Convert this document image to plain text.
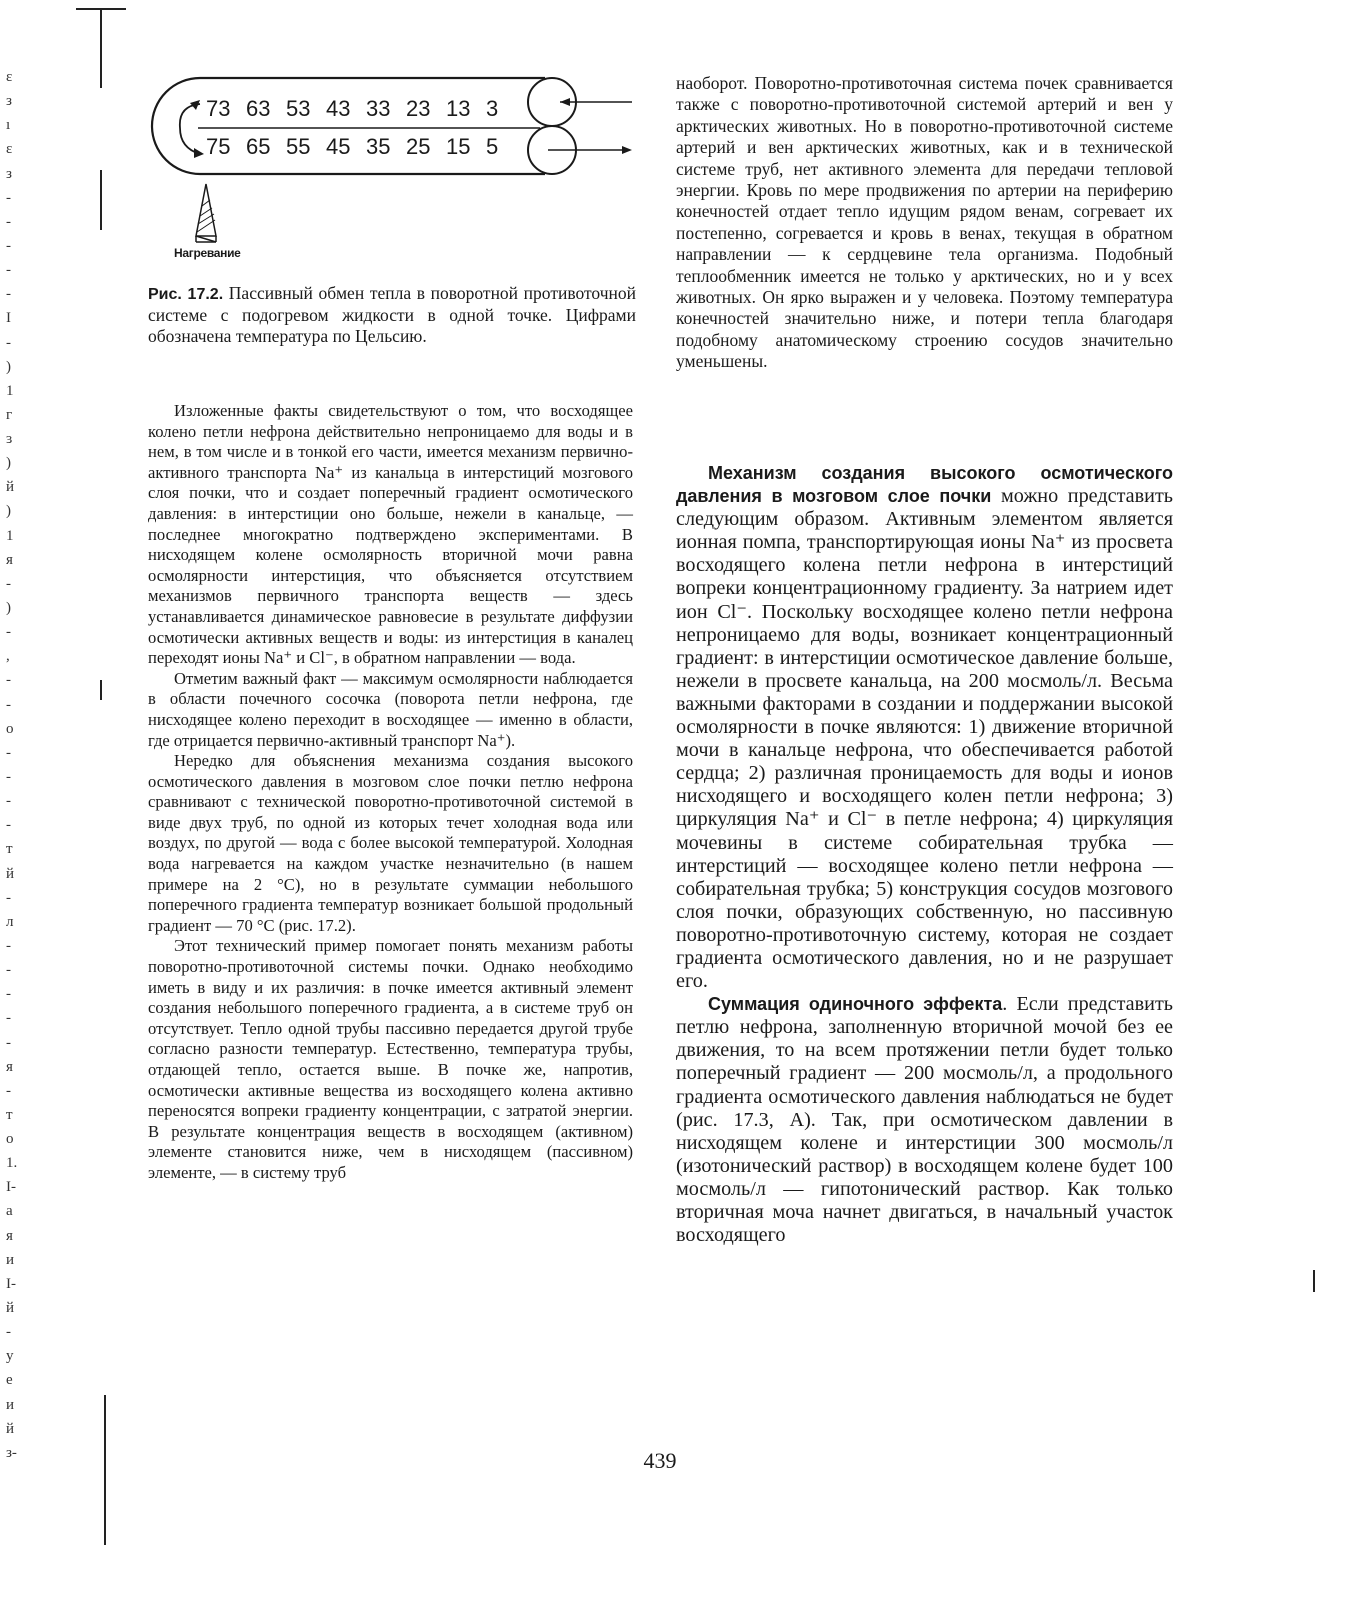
ε
з
ı
ε
з
-
-
-
-
-
I
-
)
1
г
ɜ
)
й
)
1
я
-
)
-
,
-
-
о
-
-
-
-
т
й
-
л
-
-
-
-
-
я
-
т
о
1.
I-
а
я
и
I-
й
-
у
е
и
й
з-
73 63 53 43 33 23 13 3
75 65 55 45 35 25 15 5
Нагревание
Рис. 17.2. Пассивный обмен тепла в поворотной противоточной системе с подогревом жидкости в одной точке. Цифрами обозначена температура по Цельсию.

Изложенные факты свидетельствуют о том, что восходящее колено петли нефрона действительно непроницаемо для воды и в нем, в том числе и в тонкой его части, имеется механизм первично-активного транспорта Na⁺ из канальца в интерстиций мозгового слоя почки, что и создает поперечный градиент осмотического давления: в интерстиции оно больше, нежели в канальце, — последнее многократно подтверждено экспериментами. В нисходящем колене осмолярность вторичной мочи равна осмолярности интерстиция, что объясняется отсутствием механизмов первичного транспорта веществ — здесь устанавливается динамическое равновесие в результате диффузии осмотически активных веществ и воды: из интерстиция в каналец переходят ионы Na⁺ и Cl⁻, в обратном направлении — вода.

Отметим важный факт — максимум осмолярности наблюдается в области почечного сосочка (поворота петли нефрона, где нисходящее колено переходит в восходящее — именно в области, где отрицается первично-активный транспорт Na⁺).

Нередко для объяснения механизма создания высокого осмотического давления в мозговом слое почки петлю нефрона сравнивают с технической поворотно-противоточной системой в виде двух труб, по одной из которых течет холодная вода или воздух, по другой — вода с более высокой температурой. Холодная вода нагревается на каждом участке незначительно (в нашем примере на 2 °С), но в результате суммации небольшого поперечного градиента температур возникает большой продольный градиент — 70 °С (рис. 17.2).

Этот технический пример помогает понять механизм работы поворотно-противоточной системы почки. Однако необходимо иметь в виду и их различия: в почке имеется активный элемент создания небольшого поперечного градиента, а в системе труб он отсутствует. Тепло одной трубы пассивно передается другой трубе согласно разности температур. Естественно, температура трубы, отдающей тепло, остается выше. В почке же, напротив, осмотически активные вещества из восходящего колена активно переносятся вопреки градиенту концентрации, с затратой энергии. В результате концентрация веществ в восходящем (активном) элементе становится ниже, чем в нисходящем (пассивном) элементе, — в систему труб

наоборот. Поворотно-противоточная система почек сравнивается также с поворотно-противоточной системой артерий и вен у арктических животных. Но в поворотно-противоточной системе артерий и вен арктических животных, как и в технической системе труб, нет активного элемента для передачи тепловой энергии. Кровь по мере продвижения по артерии на периферию конечностей отдает тепло идущим рядом венам, согревает их постепенно, согревается и кровь в венах, текущая в обратном направлении — к сердцевине тела организма. Подобный теплообменник имеется не только у арктических, но и у всех животных. Он ярко выражен и у человека. Поэтому температура конечностей значительно ниже, и потери тепла благодаря подобному анатомическому строению сосудов значительно уменьшены.

Механизм создания высокого осмотического давления в мозговом слое почки можно представить следующим образом. Активным элементом является ионная помпа, транспортирующая ионы Na⁺ из просвета восходящего колена петли нефрона в интерстиций вопреки концентрационному градиенту. За натрием идет ион Cl⁻. Поскольку восходящее колено петли нефрона непроницаемо для воды, возникает концентрационный градиент: в интерстиции осмотическое давление больше, нежели в просвете канальца, на 200 мосмоль/л. Весьма важными факторами в создании и поддержании высокой осмолярности в почке являются: 1) движение вторичной мочи в канальце нефрона, что обеспечивается работой сердца; 2) различная проницаемость для воды и ионов нисходящего и восходящего колен петли нефрона; 3) циркуляция Na⁺ и Cl⁻ в петле нефрона; 4) циркуляция мочевины в системе собирательная трубка — интерстиций — восходящее колено петли нефрона — собирательная трубка; 5) конструкция сосудов мозгового слоя почки, образующих собственную, но пассивную поворотно-противоточную систему, которая не создает градиента осмотического давления, но и не разрушает его.

Суммация одиночного эффекта. Если представить петлю нефрона, заполненную вторичной мочой без ее движения, то на всем протяжении петли будет только поперечный градиент — 200 мосмоль/л, а продольного градиента осмотического давления наблюдаться не будет (рис. 17.3, А). Так, при осмотическом давлении в нисходящем колене и интерстиции 300 мосмоль/л (изотонический раствор) в восходящем колене будет 100 мосмоль/л — гипотонический раствор. Как только вторичная моча начнет двигаться, в начальный участок восходящего

439
